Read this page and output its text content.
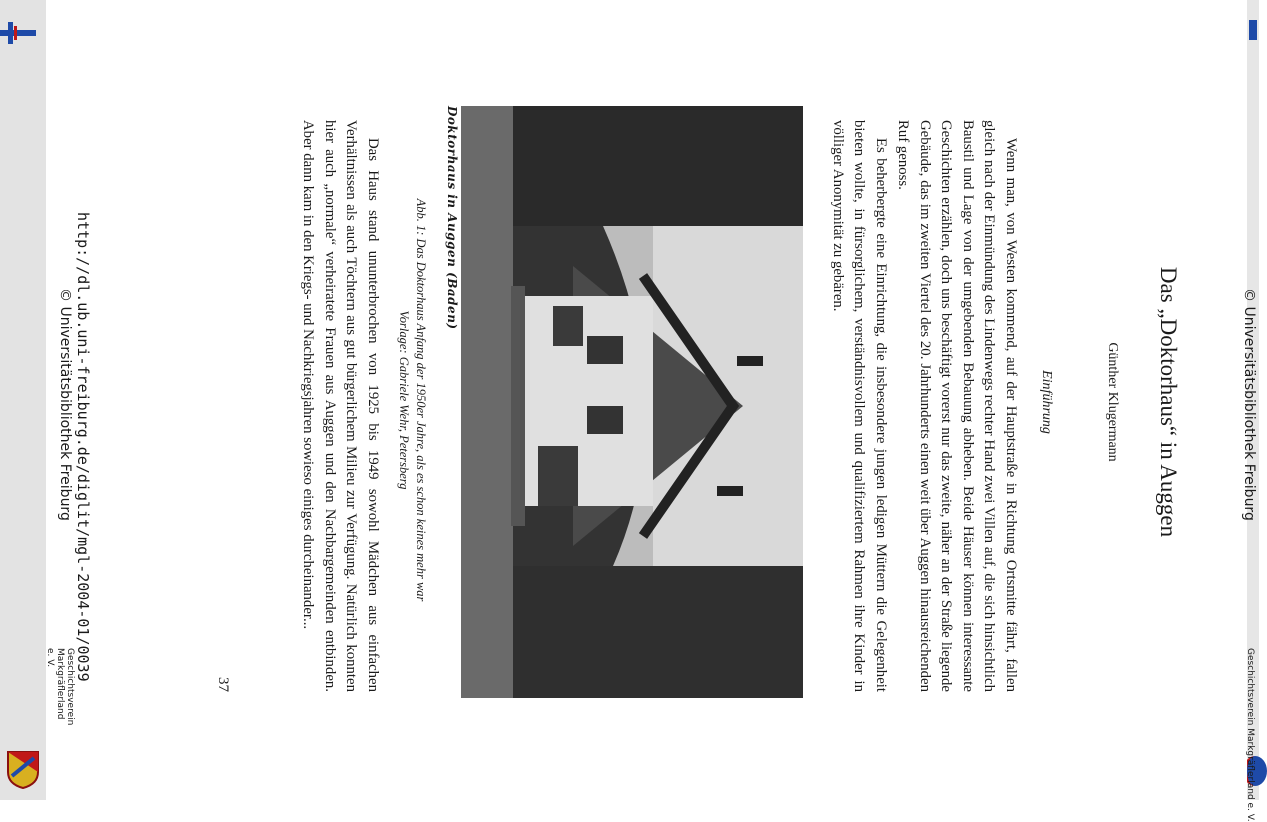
© Universitätsbibliothek Freiburg
Geschichtsverein Markgräflerland e. V.
Das „Doktorhaus“ in Auggen
Günther Klugermann
Einführung

Wenn man, von Westen kommend, auf der Hauptstraße in Richtung Ortsmitte fährt, fallen gleich nach der Einmündung des Lindenwegs rechter Hand zwei Villen auf, die sich hinsichtlich Baustil und Lage von der umgebenden Bebauung abheben. Beide Häuser können interessante Geschichten erzählen, doch uns beschäftigt vorerst nur das zweite, näher an der Straße liegende Gebäude, das im zweiten Viertel des 20. Jahrhunderts einen weit über Auggen hinausreichenden Ruf genoss.

Es beherbergte eine Einrichtung, die insbesondere jungen ledigen Müttern die Gelegenheit bieten wollte, in fürsorglichem, verständnisvollem und qualifiziertem Rahmen ihre Kinder in völliger Anonymität zu gebären.

Doktorhaus in Auggen (Baden)
Abb. 1: Das Doktorhaus Anfang der 1950er Jahre, als es schon keines mehr war
Vorlage: Gabriele Wehr, Petersberg

Das Haus stand ununterbrochen von 1925 bis 1949 sowohl Mädchen aus einfachen Verhältnissen als auch Töchtern aus gut bürgerlichem Milieu zur Verfügung. Natürlich konnten hier auch „normale“ verheiratete Frauen aus Auggen und den Nachbargemeinden entbinden. Aber dann kam in den Kriegs- und Nachkriegsjahren sowieso einiges durcheinander...

37
http://dl.ub.uni-freiburg.de/diglit/mgl-2004-01/0039
© Universitätsbibliothek Freiburg
Geschichtsverein Markgräflerland e. V.
